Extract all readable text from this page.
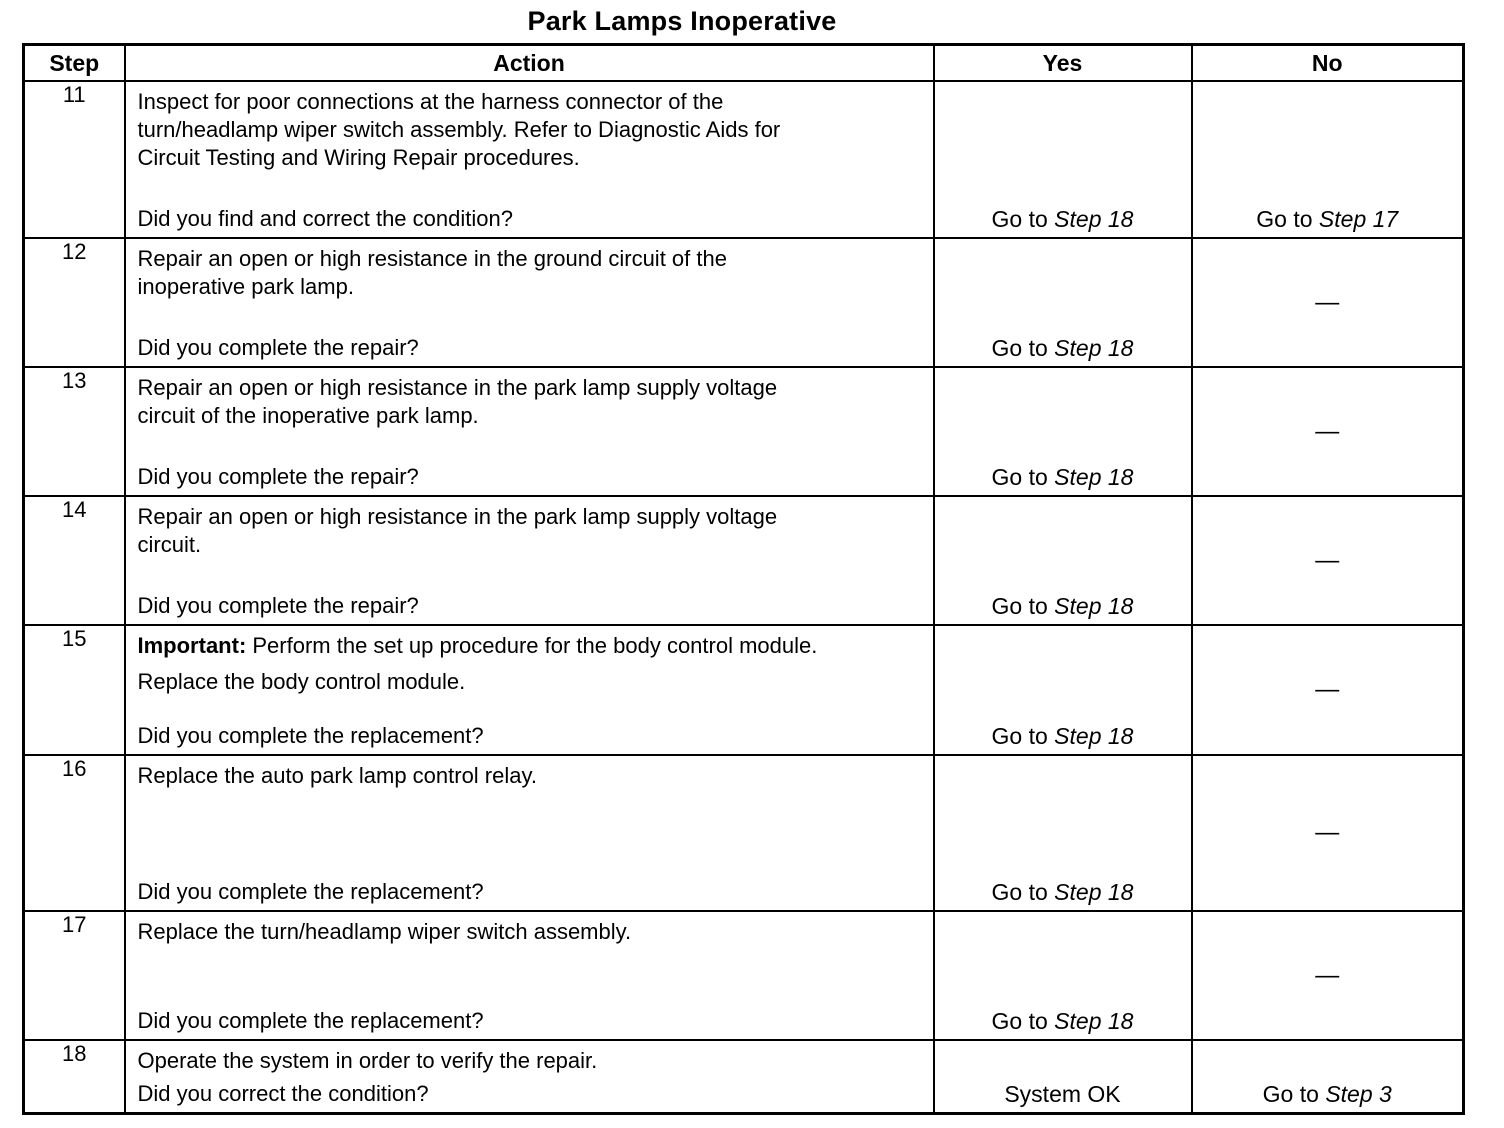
Park Lamps Inoperative
Step	Action	Yes	No
11	Inspect for poor connections at the harness connector of the
turn/headlamp wiper switch assembly. Refer to Diagnostic Aids for
Circuit Testing and Wiring Repair procedures.
Did you find and correct the condition?	Go to Step 18	Go to Step 17

12	Repair an open or high resistance in the ground circuit of the
inoperative park lamp.
Did you complete the repair?	Go to Step 18	—

13	Repair an open or high resistance in the park lamp supply voltage
circuit of the inoperative park lamp.
Did you complete the repair?	Go to Step 18	—

14	Repair an open or high resistance in the park lamp supply voltage
circuit.
Did you complete the repair?	Go to Step 18	—

15	Important: Perform the set up procedure for the body control module.
Replace the body control module.
Did you complete the replacement?	Go to Step 18	—

16	Replace the auto park lamp control relay.
Did you complete the replacement?	Go to Step 18	—

17	Replace the turn/headlamp wiper switch assembly.
Did you complete the replacement?	Go to Step 18	—

18	Operate the system in order to verify the repair.
Did you correct the condition?	System OK	Go to Step 3
